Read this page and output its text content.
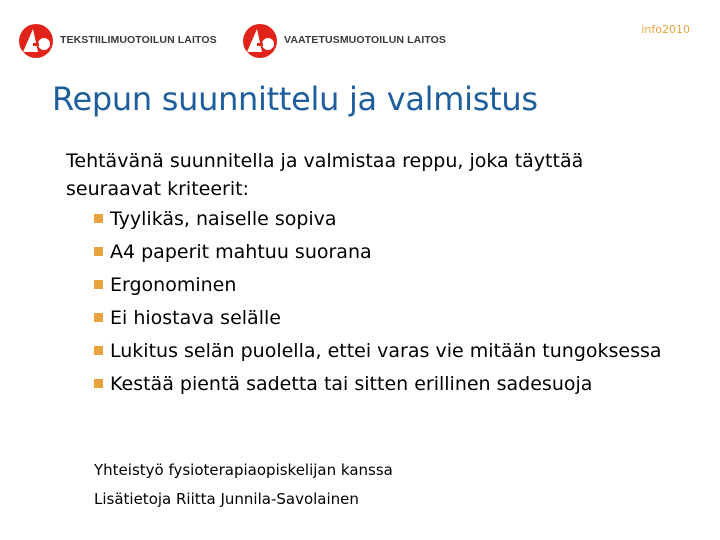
TEKSTIILIMUOTOILUN LAITOS	VAATETUSMUOTOILUN LAITOS
info2010
Repun suunnittelu ja valmistus

Tehtävänä suunnitella ja valmistaa reppu, joka täyttää seuraavat kriteerit:

Tyylikäs, naiselle sopiva
A4 paperit mahtuu suorana
Ergonominen
Ei hiostava selälle
Lukitus selän puolella, ettei varas vie mitään tungoksessa
Kestää pientä sadetta tai sitten erillinen sadesuoja
Yhteistyö fysioterapiaopiskelijan kanssa
Lisätietoja Riitta Junnila-Savolainen
